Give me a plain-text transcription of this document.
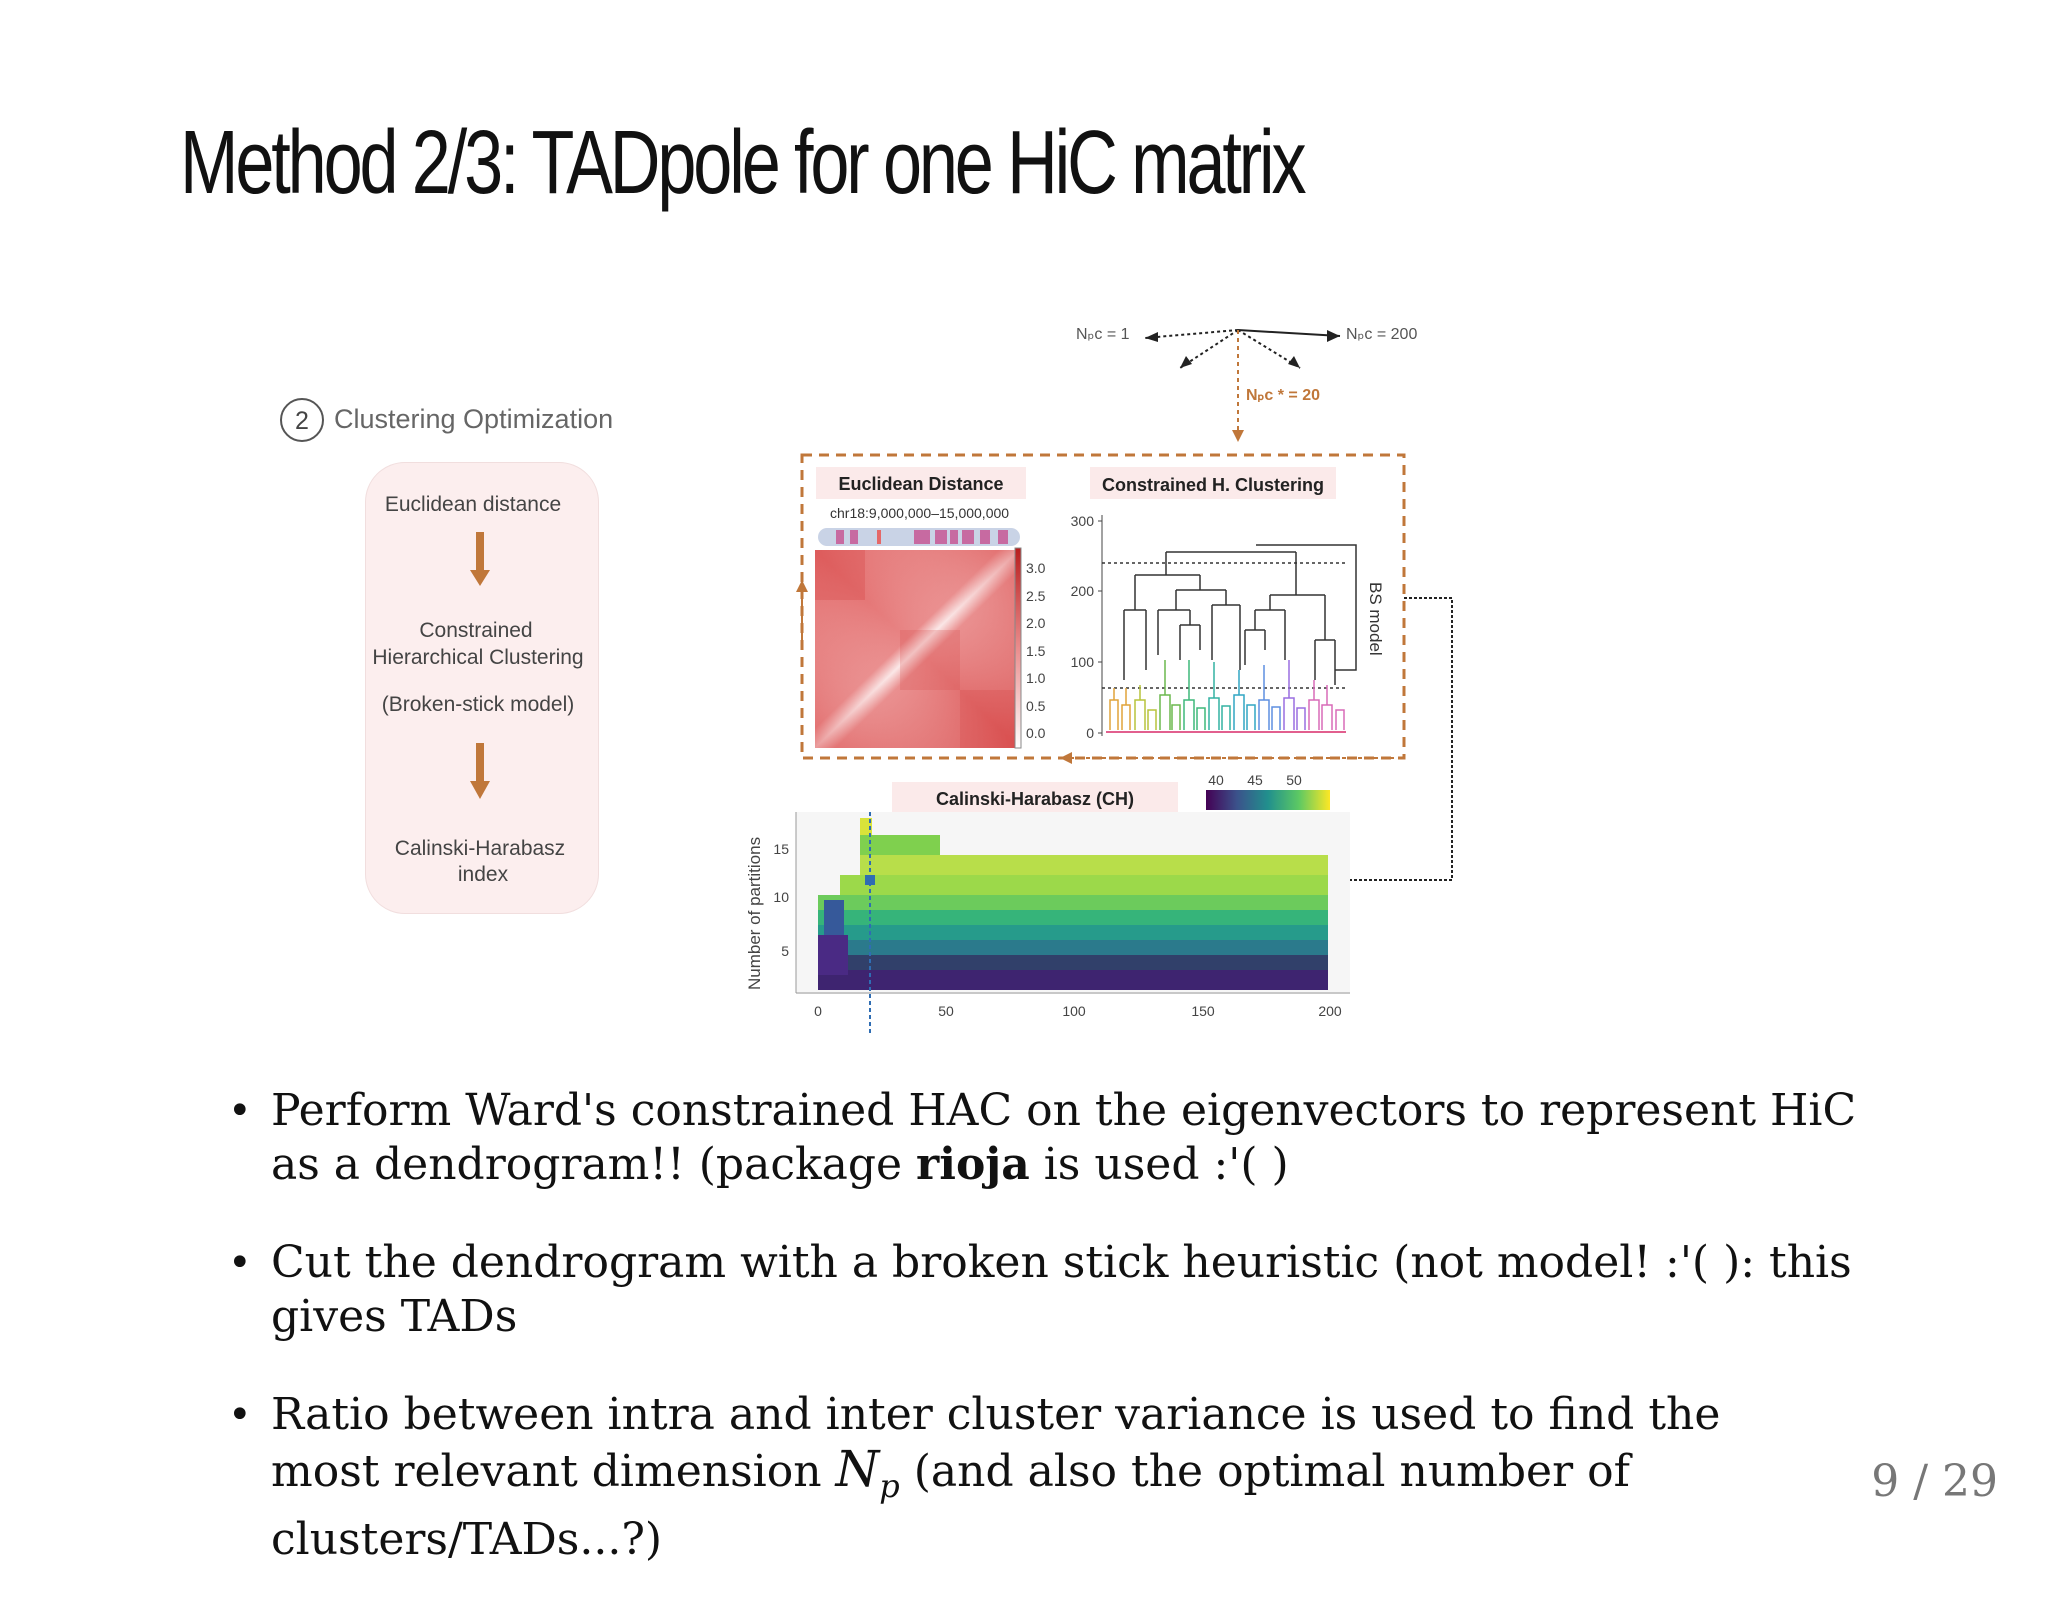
Method 2/3: TADpole for one HiC matrix
2 Clustering Optimization
Euclidean distance
Constrained
Hierarchical Clustering
(Broken-stick model)
Calinski-Harabasz
index
Nₚᴄ = 1	Nₚᴄ = 200
Nₚᴄ * = 20
Euclidean Distance
chr18:9,000,000–15,000,000
3.0
2.5
2.0
1.5
1.0
0.5
0.0
Constrained H. Clustering
300
200
100
0
BS model
Calinski-Harabasz (CH)
40 45 50
Number of partitions 15
10
5
0	50	100	150	200
• Perform Ward's constrained HAC on the eigenvectors to represent HiC as a dendrogram!! (package rioja is used :'( )
• Cut the dendrogram with a broken stick heuristic (not model! :'( ): this gives TADs
• Ratio between intra and inter cluster variance is used to find the most relevant dimension $N_p$ (and also the optimal number of clusters/TADs...?)
9 / 29
